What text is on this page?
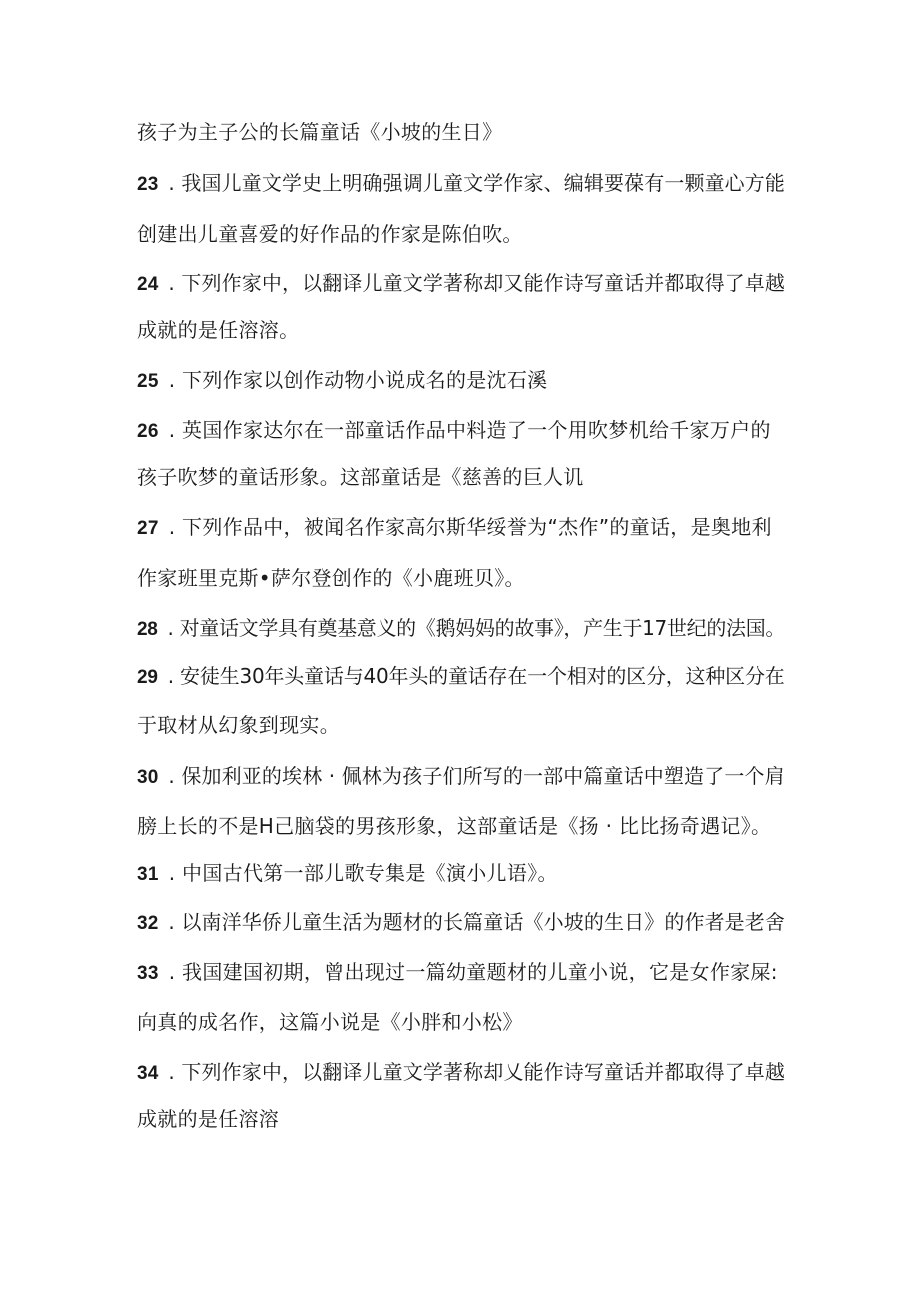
孩子为主子公的长篇童话《小坡的生日》
23 . 我国儿童文学史上明确强调儿童文学作家、编辑要葆有一颗童心方能
创建出儿童喜爱的好作品的作家是陈伯吹。
24 . 下列作家中，以翻译儿童文学著称却又能作诗写童话并都取得了卓越
成就的是任溶溶。
25 . 下列作家以创作动物小说成名的是沈石溪
26 . 英国作家达尔在一部童话作品中料造了一个用吹梦机给千家万户的
孩子吹梦的童话形象。这部童话是《慈善的巨人讥
27 . 下列作品中，被闻名作家高尔斯华绥誉为“杰作”的童话，是奥地利
作家班里克斯•萨尔登创作的《小鹿班贝》。
28 . 对童话文学具有奠基意义的《鹅妈妈的故事》，产生于17世纪的法国。
29 . 安徒生30年头童话与40年头的童话存在一个相对的区分，这种区分在
于取材从幻象到现实。
30 . 保加利亚的埃林 · 佩林为孩子们所写的一部中篇童话中塑造了一个肩
膀上长的不是H己脑袋的男孩形象，这部童话是《扬 · 比比扬奇遇记》。
31 . 中国古代第一部儿歌专集是《演小儿语》。
32 . 以南洋华侨儿童生活为题材的长篇童话《小坡的生日》的作者是老舍
33 . 我国建国初期，曾出现过一篇幼童题材的儿童小说，它是女作家屎:
向真的成名作，这篇小说是《小胖和小松》
34 . 下列作家中，以翻译儿童文学著称却乂能作诗写童话并都取得了卓越
成就的是任溶溶
